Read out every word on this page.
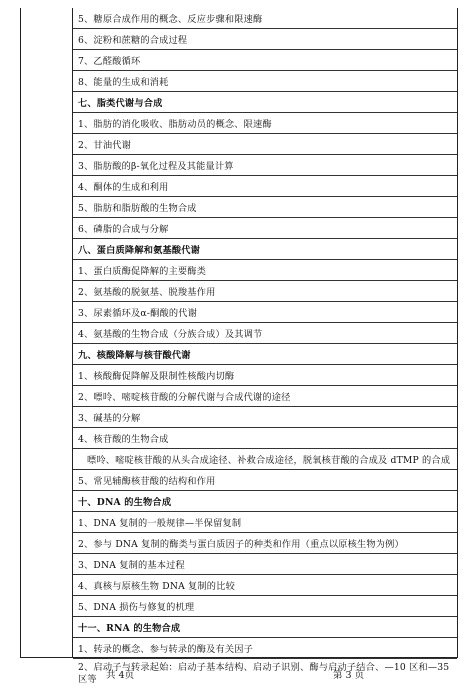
5、糖原合成作用的概念、反应步骤和限速酶
6、淀粉和蔗糖的合成过程
7、乙醛酸循环
8、能量的生成和消耗
七、脂类代谢与合成
1、脂肪的消化吸收、脂肪动员的概念、限速酶
2、甘油代谢
3、脂肪酸的β-氧化过程及其能量计算
4、酮体的生成和利用
5、脂肪和脂肪酸的生物合成
6、磷脂的合成与分解
八、蛋白质降解和氨基酸代谢
1、蛋白质酶促降解的主要酶类
2、氨基酸的脱氨基、脱羧基作用
3、尿素循环及α-酮酸的代谢
4、氨基酸的生物合成（分族合成）及其调节
九、核酸降解与核苷酸代谢
1、核酸酶促降解及限制性核酸内切酶
2、嘌呤、嘧啶核苷酸的分解代谢与合成代谢的途径
3、碱基的分解
4、核苷酸的生物合成
嘌呤、嘧啶核苷酸的从头合成途径、补救合成途径，脱氧核苷酸的合成及 dTMP 的合成
5、常见辅酶核苷酸的结构和作用
十、DNA 的生物合成
1、DNA 复制的一般规律—半保留复制
2、参与 DNA 复制的酶类与蛋白质因子的种类和作用（重点以原核生物为例）
3、DNA 复制的基本过程
4、真核与原核生物 DNA 复制的比较
5、DNA 损伤与修复的机理
十一、RNA 的生物合成
1、转录的概念、参与转录的酶及有关因子
2、启动子与转录起始：启动子基本结构、启动子识别、酶与启动子结合、—10 区和—35 区等 共 4页	第 3 页
